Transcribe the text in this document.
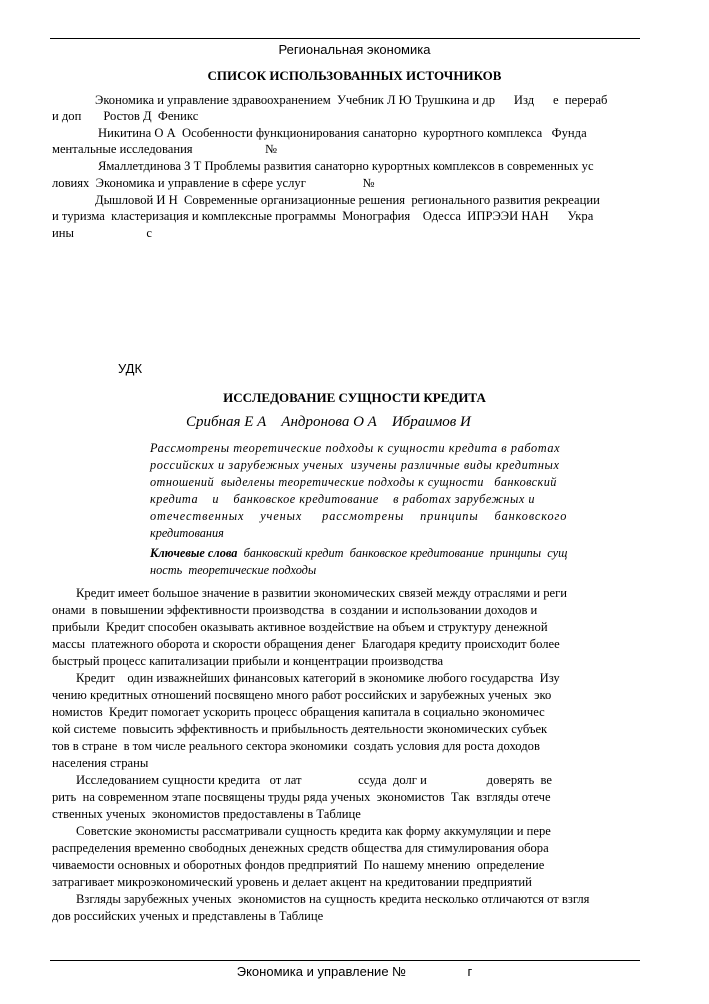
Региональная экономика
СПИСОК ИСПОЛЬЗОВАННЫХ ИСТОЧНИКОВ
Экономика и управление здравоохранением  Учебник Л Ю Трушкина и др      Изд      е  перераб
и доп       Ростов Д  Феникс
Никитина О А  Особенности функционирования санаторно  курортного комплекса   Фунда
ментальные исследования                       №
Ямаллетдинова З Т Проблемы развития санаторно курортных комплексов в современных ус
ловиях  Экономика и управление в сфере услуг                  №
Дышловой И Н  Современные организационные решения  регионального развития рекреации
и туризма  кластеризация и комплексные программы  Монография    Одесса  ИПРЭЭИ НАН      Укра
ины                       с
УДК
ИССЛЕДОВАНИЕ СУЩНОСТИ КРЕДИТА
Срибная Е А    Андронова О А    Ибраимов И
Рассмотрены теоретические подходы к сущности кредита в работах
российских и зарубежных ученых  изучены различные виды кредитных
отношений  выделены теоретические подходы к сущности   банковский
кредита    и    банковское кредитование    в работах зарубежных и
отечественных    ученых     рассмотрены    принципы    банковского
кредитования
Ключевые слова  банковский кредит  банковское кредитование  принципы  сущ
ность  теоретические подходы
Кредит имеет большое значение в развитии экономических связей между отраслями и реги
онами  в повышении эффективности производства  в создании и использовании доходов и
прибыли  Кредит способен оказывать активное воздействие на объем и структуру денежной
массы  платежного оборота и скорости обращения денег  Благодаря кредиту происходит более
быстрый процесс капитализации прибыли и концентрации производства
Кредит    один изважнейших финансовых категорий в экономике любого государства  Изу
чению кредитных отношений посвящено много работ российских и зарубежных ученых  эко
номистов  Кредит помогает ускорить процесс обращения капитала в социально экономичес
кой системе  повысить эффективность и прибыльность деятельности экономических субъек
тов в стране  в том числе реального сектора экономики  создать условия для роста доходов
населения страны
Исследованием сущности кредита   от лат                  ссуда  долг и                   доверять  ве
рить  на современном этапе посвящены труды ряда ученых  экономистов  Так  взгляды отече
ственных ученых  экономистов предоставлены в Таблице
Советские экономисты рассматривали сущность кредита как форму аккумуляции и пере
распределения временно свободных денежных средств общества для стимулирования обора
чиваемости основных и оборотных фондов предприятий  По нашему мнению  определение
затрагивает микроэкономический уровень и делает акцент на кредитовании предприятий
Взгляды зарубежных ученых  экономистов на сущность кредита несколько отличаются от взгля
дов российских ученых и представлены в Таблице
Экономика и управление №                 г
